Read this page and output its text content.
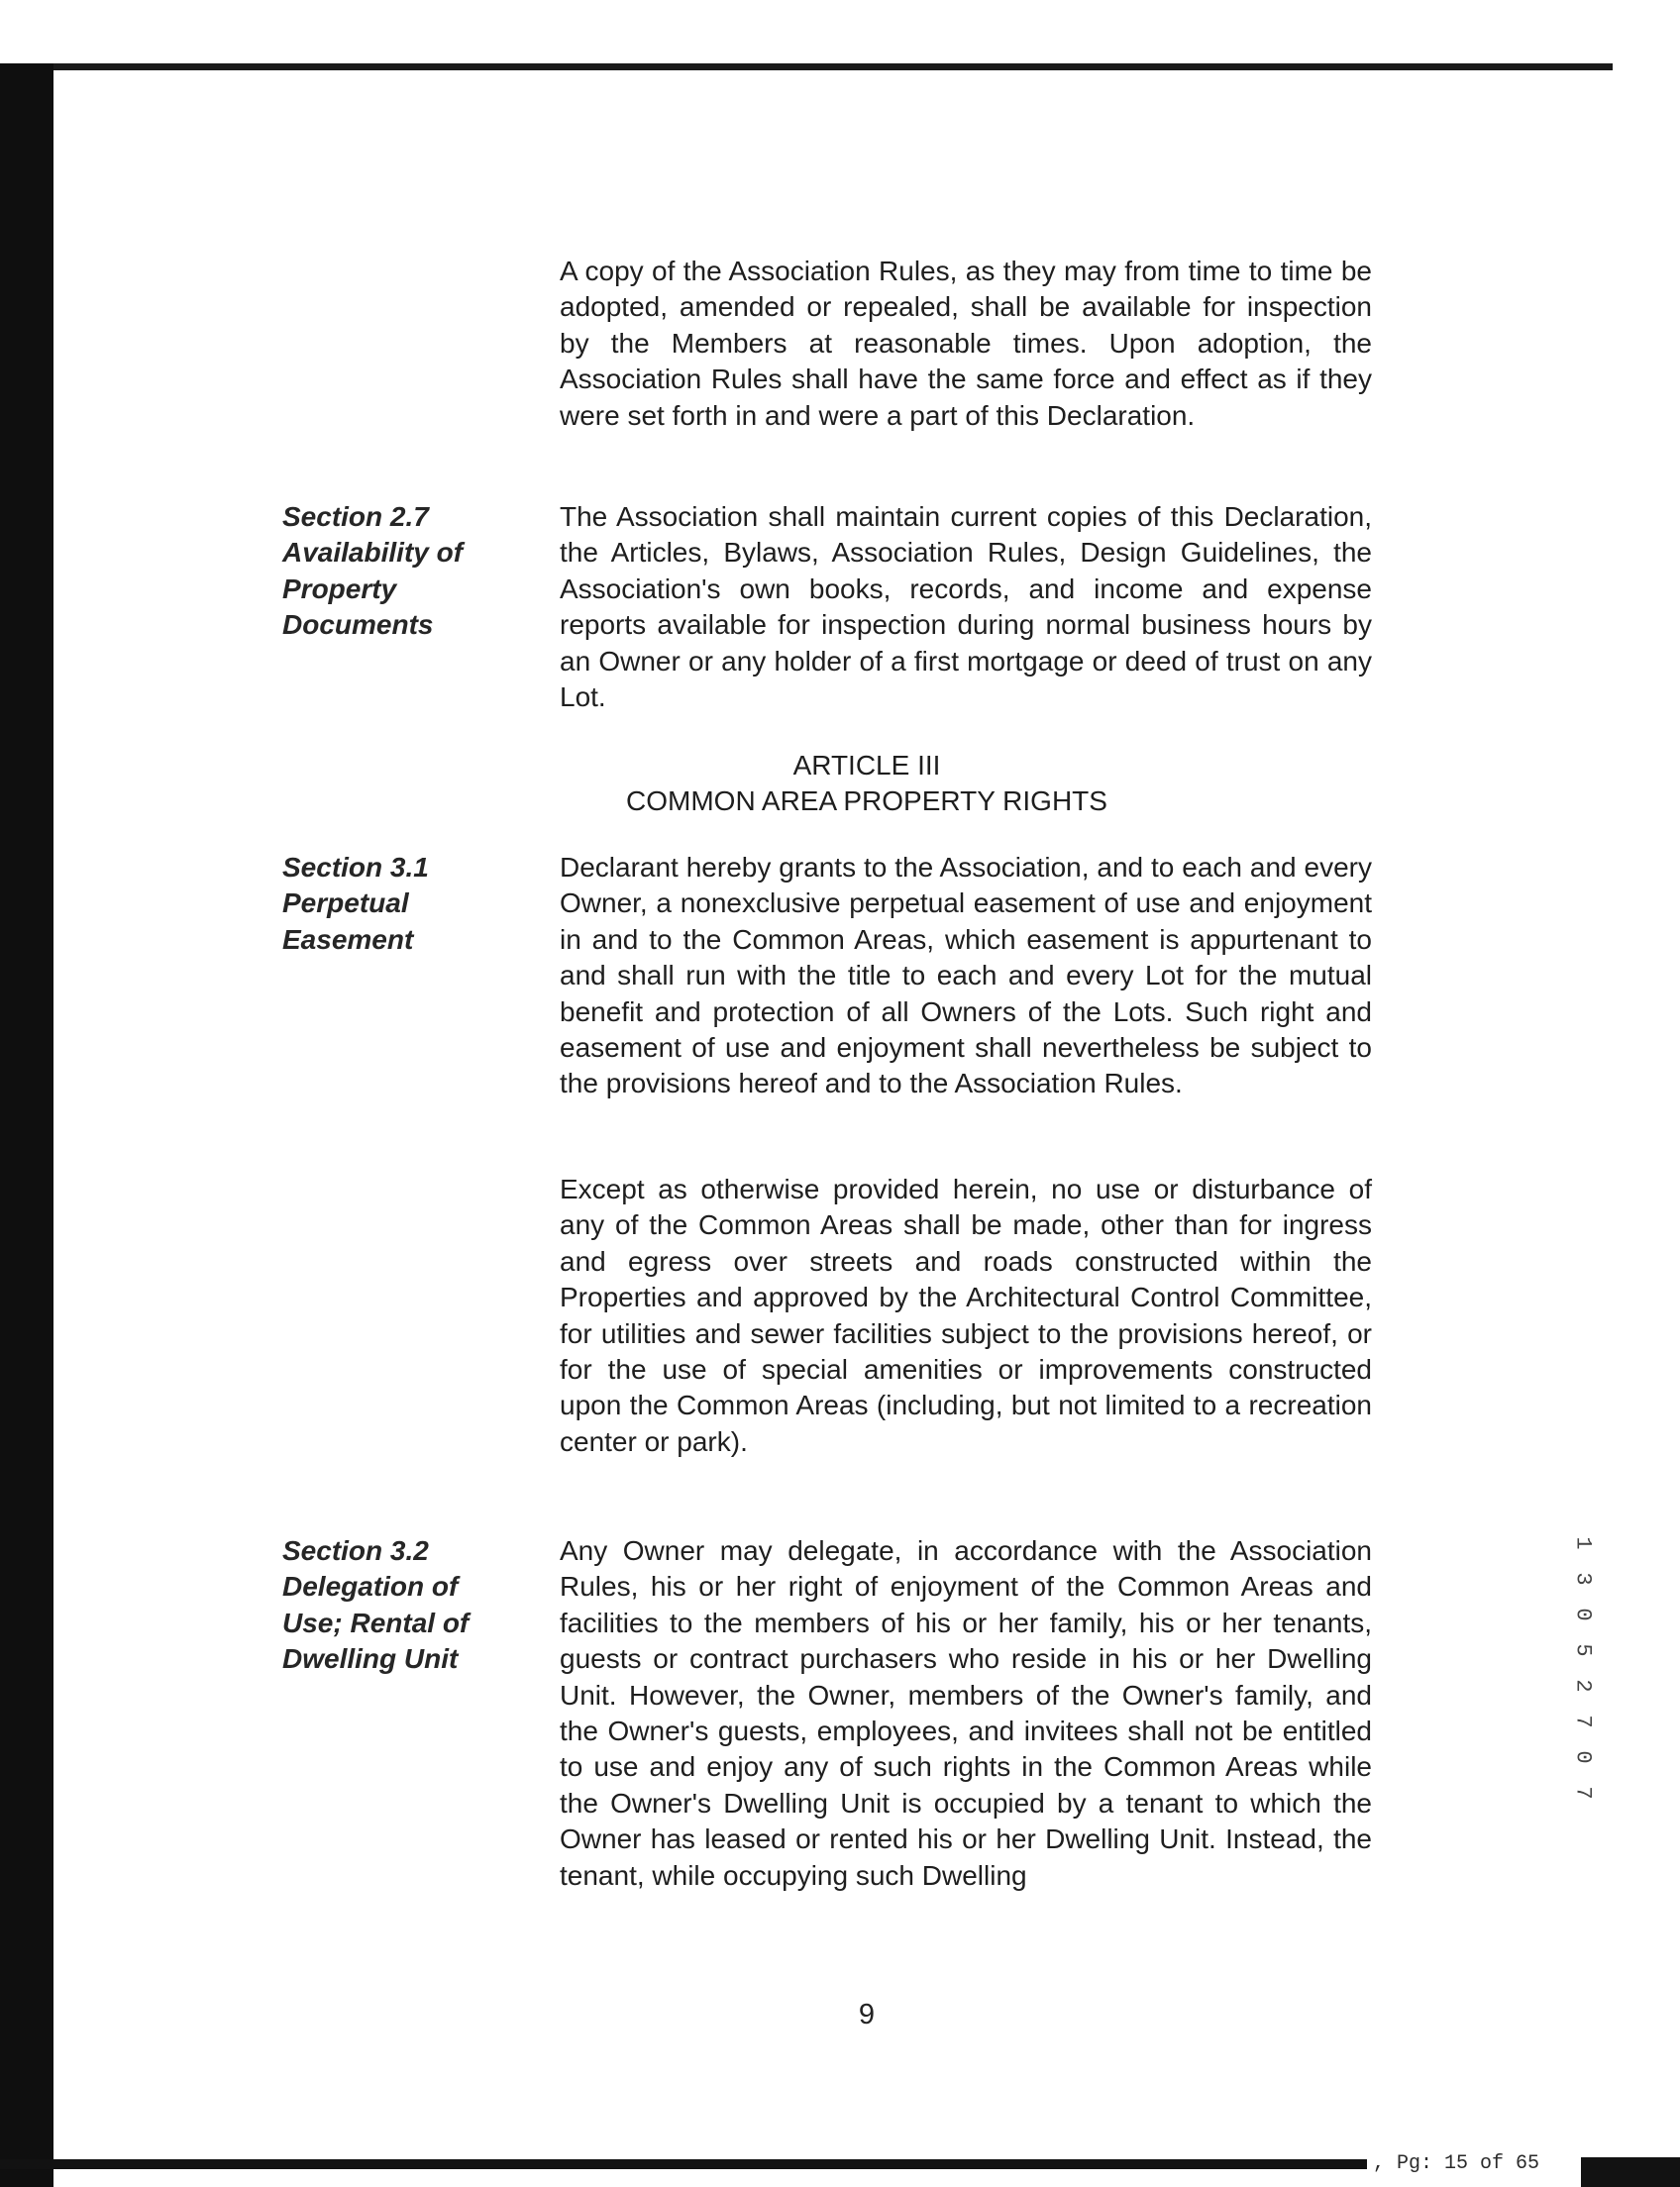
A copy of the Association Rules, as they may from time to time be adopted, amended or repealed, shall be available for inspection by the Members at reasonable times. Upon adoption, the Association Rules shall have the same force and effect as if they were set forth in and were a part of this Declaration.

Section 2.7
Availability of
Property
Documents

The Association shall maintain current copies of this Declaration, the Articles, Bylaws, Association Rules, Design Guidelines, the Association's own books, records, and income and expense reports available for inspection during normal business hours by an Owner or any holder of a first mortgage or deed of trust on any Lot.

ARTICLE III
COMMON AREA PROPERTY RIGHTS
Section 3.1
Perpetual
Easement

Declarant hereby grants to the Association, and to each and every Owner, a nonexclusive perpetual easement of use and enjoyment in and to the Common Areas, which easement is appurtenant to and shall run with the title to each and every Lot for the mutual benefit and protection of all Owners of the Lots. Such right and easement of use and enjoyment shall nevertheless be subject to the provisions hereof and to the Association Rules.

Except as otherwise provided herein, no use or disturbance of any of the Common Areas shall be made, other than for ingress and egress over streets and roads constructed within the Properties and approved by the Architectural Control Committee, for utilities and sewer facilities subject to the provisions hereof, or for the use of special amenities or improvements constructed upon the Common Areas (including, but not limited to a recreation center or park).

Section 3.2
Delegation of
Use; Rental of
Dwelling Unit

Any Owner may delegate, in accordance with the Association Rules, his or her right of enjoyment of the Common Areas and facilities to the members of his or her family, his or her tenants, guests or contract purchasers who reside in his or her Dwelling Unit. However, the Owner, members of the Owner's family, and the Owner's guests, employees, and invitees shall not be entitled to use and enjoy any of such rights in the Common Areas while the Owner's Dwelling Unit is occupied by a tenant to which the Owner has leased or rented his or her Dwelling Unit. Instead, the tenant, while occupying such Dwelling

1
3
0
5
2
7
0
7
9
, Pg: 15 of 65
